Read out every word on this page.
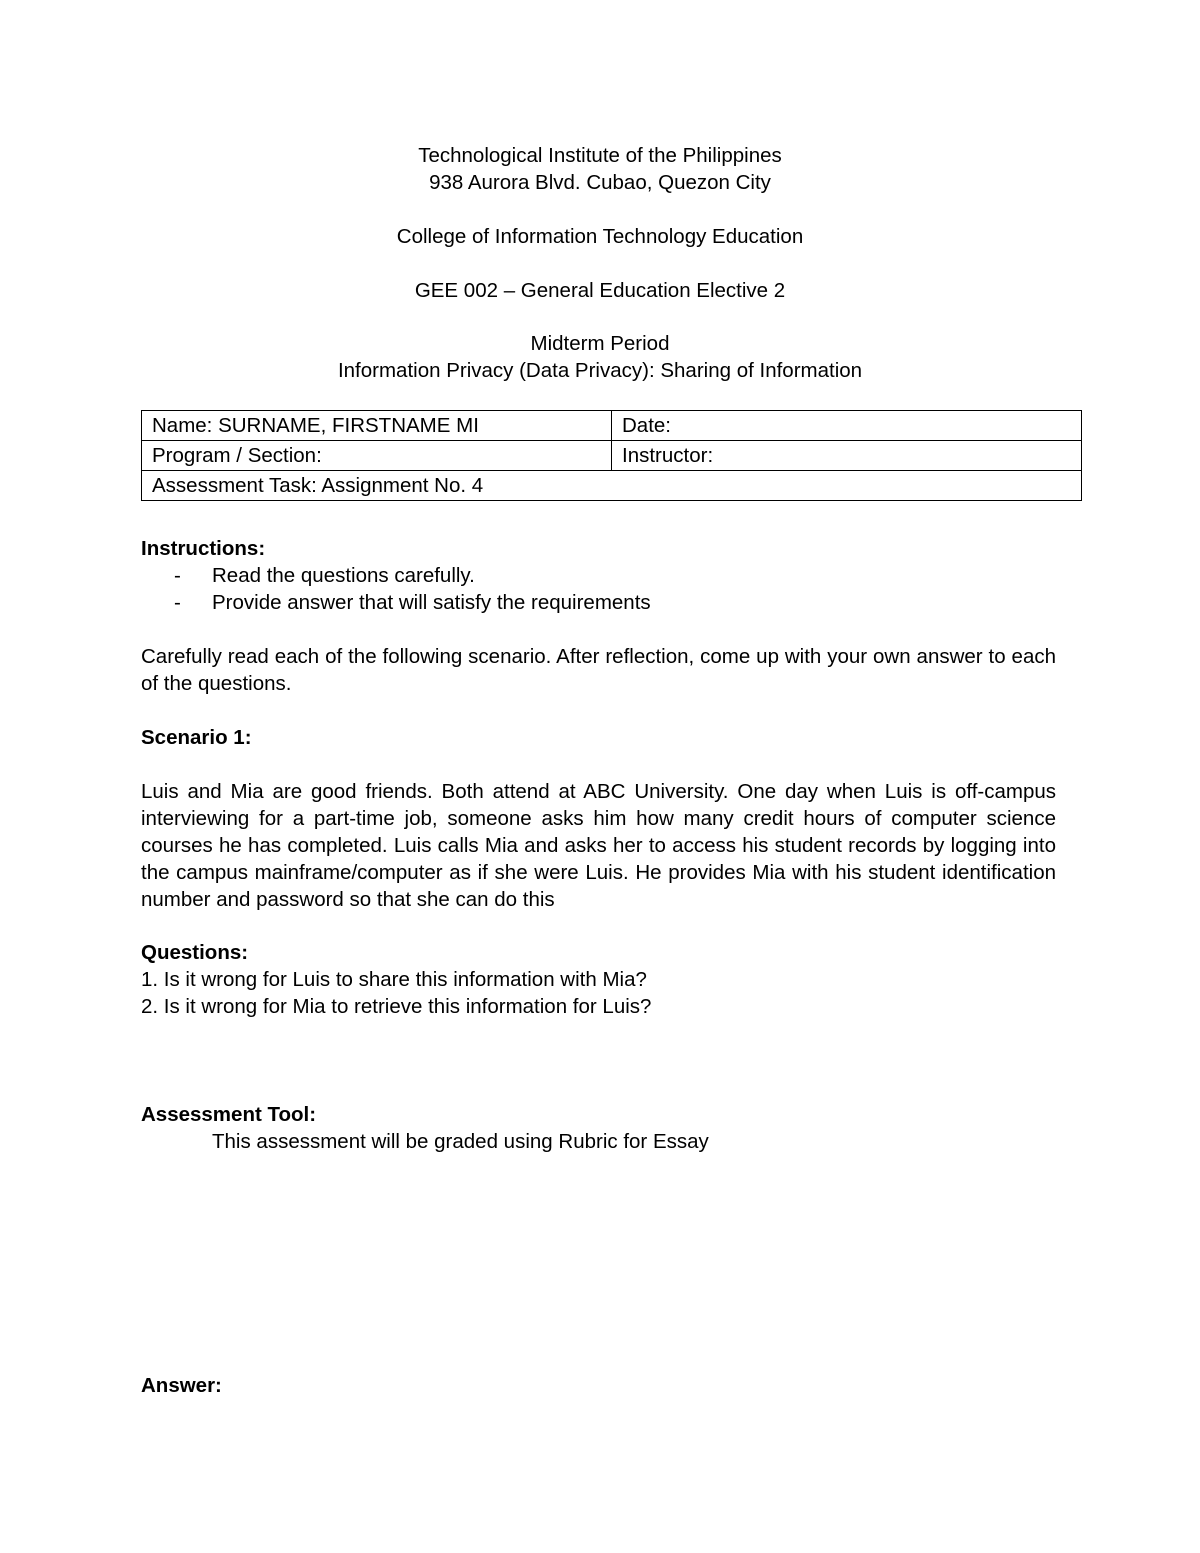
Technological Institute of the Philippines
938 Aurora Blvd. Cubao, Quezon City
College of Information Technology Education
GEE 002 – General Education Elective 2
Midterm Period
Information Privacy (Data Privacy): Sharing of Information
Name: SURNAME, FIRSTNAME MI	Date:
Program / Section:	Instructor:
Assessment Task: Assignment No. 4	
Instructions:
- Read the questions carefully.
- Provide answer that will satisfy the requirements
Carefully read each of the following scenario. After reflection, come up with your own answer to each of the questions.
Scenario 1:
Luis and Mia are good friends. Both attend at ABC University. One day when Luis is off-campus interviewing for a part-time job, someone asks him how many credit hours of computer science courses he has completed. Luis calls Mia and asks her to access his student records by logging into the campus mainframe/computer as if she were Luis. He provides Mia with his student identification number and password so that she can do this
Questions:
1. Is it wrong for Luis to share this information with Mia?
2. Is it wrong for Mia to retrieve this information for Luis?
Assessment Tool:
This assessment will be graded using Rubric for Essay
Answer:
